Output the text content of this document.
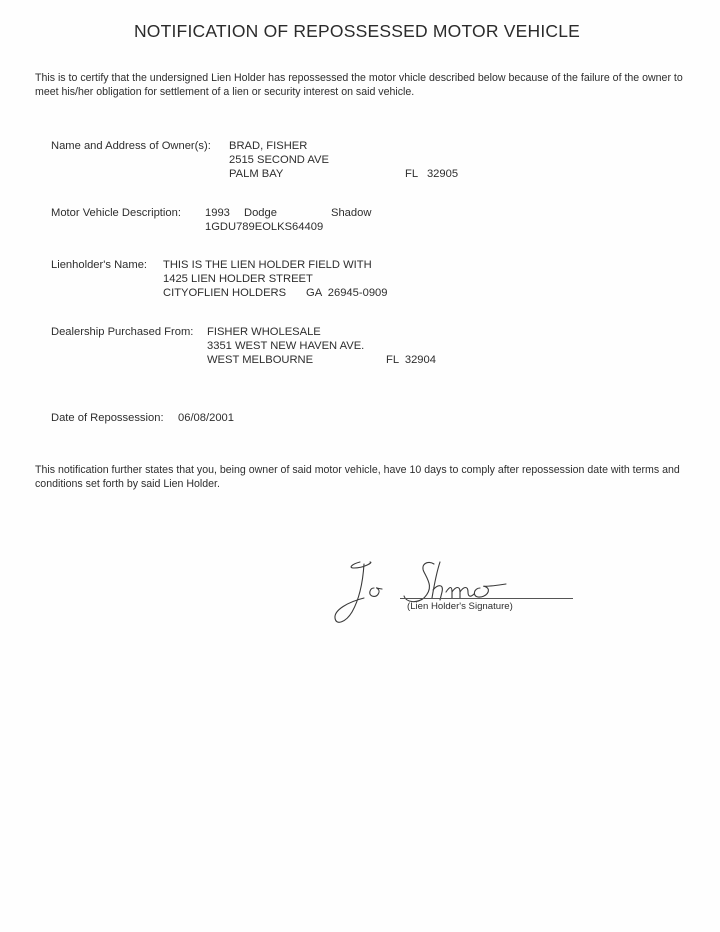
NOTIFICATION OF REPOSSESSED MOTOR VEHICLE
This is to certify that the undersigned Lien Holder has repossessed the motor vhicle described below because of the failure of the owner to meet his/her obligation for settlement of a lien or security interest on said vehicle.
Name and Address of Owner(s): BRAD, FISHER
2515 SECOND AVE
PALM BAY	FL   32905
Motor Vehicle Description: 1993 Dodge	Shadow
1GDU789EOLKS64409
Lienholder's Name: THIS IS THE LIEN HOLDER FIELD WITH
1425 LIEN HOLDER STREET
CITYOFLIEN HOLDERS GA  26945-0909
Dealership Purchased From: FISHER WHOLESALE
3351 WEST NEW HAVEN AVE.
WEST MELBOURNE	FL  32904
Date of Repossession: 06/08/2001
This notification further states that you, being owner of said motor vehicle, have 10 days to comply after repossession date with terms and conditions set forth by said Lien Holder.
(Lien Holder's Signature)
